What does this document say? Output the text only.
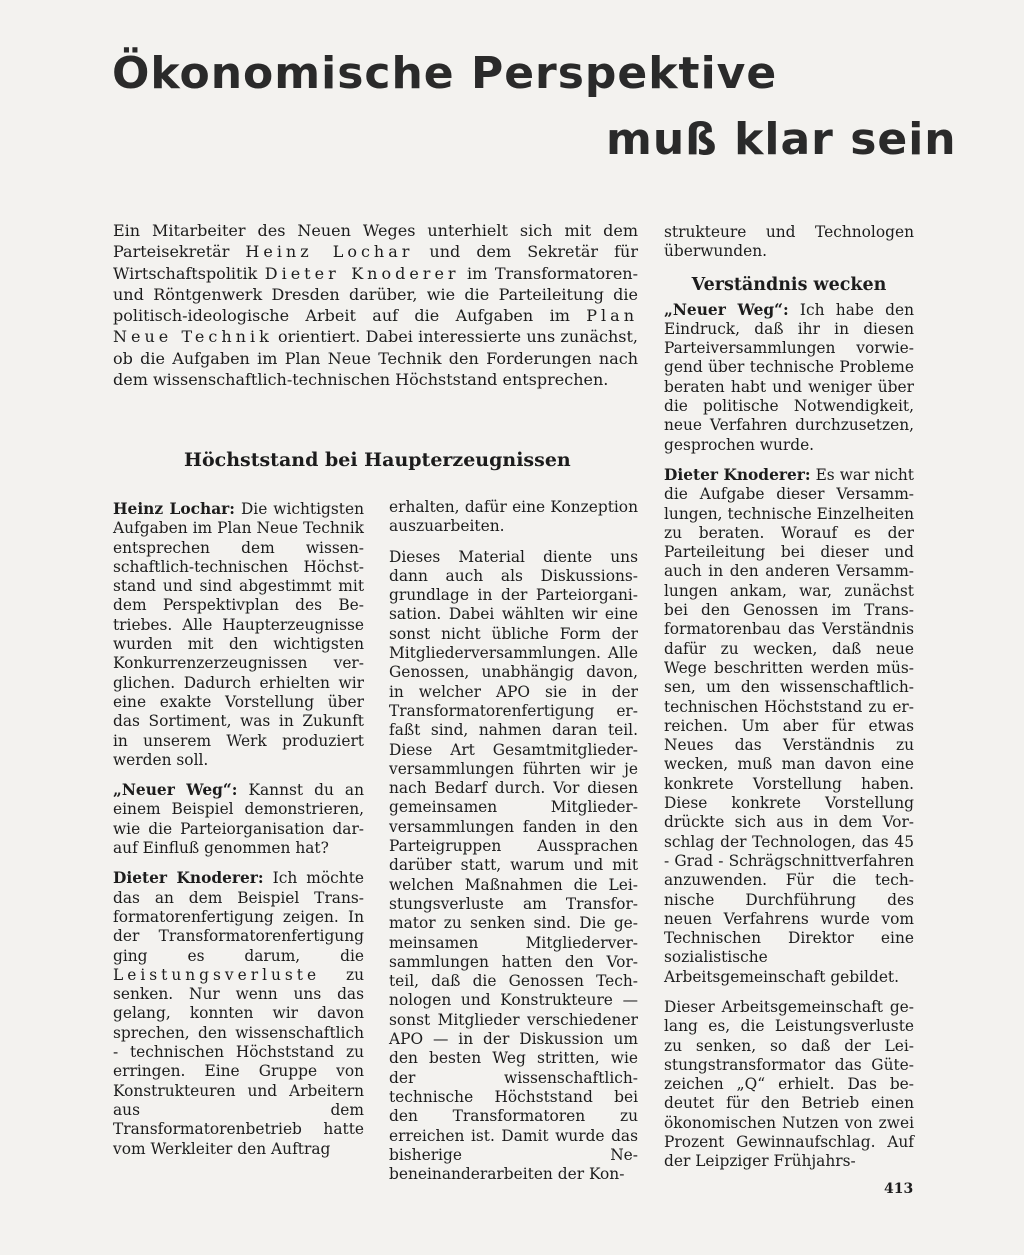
Ökonomische Perspektive
muß klar sein
Ein Mitarbeiter des Neuen Weges unterhielt sich mit dem Parteisekretär Heinz Lochar und dem Sekretär für Wirtschaftspolitik Dieter Knoderer im Transformatoren- und Röntgenwerk Dresden darüber, wie die Parteileitung die politisch-ideologische Arbeit auf die Aufgaben im Plan Neue Technik orientiert. Dabei interessierte uns zunächst, ob die Aufgaben im Plan Neue Technik den Forderungen nach dem wissenschaftlich-technischen Höchststand entsprechen.
Höchststand bei Haupterzeugnissen

Heinz Lochar: Die wichtigsten Aufgaben im Plan Neue Technik entsprechen dem wissenschaftlich-technischen Höchststand und sind abgestimmt mit dem Perspektivplan des Betriebes. Alle Haupterzeugnisse wurden mit den wichtigsten Konkurrenzerzeugnissen verglichen. Dadurch erhielten wir eine exakte Vorstellung über das Sortiment, was in Zukunft in unserem Werk produziert werden soll.

„Neuer Weg“: Kannst du an einem Beispiel demonstrieren, wie die Parteiorganisation darauf Einfluß genommen hat?

Dieter Knoderer: Ich möchte das an dem Beispiel Transformatorenfertigung zeigen. In der Transformatorenfertigung ging es darum, die Leistungsverluste zu senken. Nur wenn uns das gelang, konnten wir davon sprechen, den wissenschaftlich - technischen Höchststand zu erringen. Eine Gruppe von Konstrukteuren und Arbeitern aus dem Transformatorenbetrieb hatte vom Werkleiter den Auftrag

erhalten, dafür eine Konzeption auszuarbeiten.

Dieses Material diente uns dann auch als Diskussionsgrundlage in der Parteiorganisation. Dabei wählten wir eine sonst nicht übliche Form der Mitgliederversammlungen. Alle Genossen, unabhängig davon, in welcher APO sie in der Transformatorenfertigung erfaßt sind, nahmen daran teil. Diese Art Gesamtmitgliederversammlungen führten wir je nach Bedarf durch. Vor diesen gemeinsamen Mitgliederversammlungen fanden in den Parteigruppen Aussprachen darüber statt, warum und mit welchen Maßnahmen die Leistungsverluste am Transformator zu senken sind. Die gemeinsamen Mitgliederversammlungen hatten den Vorteil, daß die Genossen Technologen und Konstrukteure — sonst Mitglieder verschiedener APO — in der Diskussion um den besten Weg stritten, wie der wissenschaftlich-technische Höchststand bei den Transformatoren zu erreichen ist. Damit wurde das bisherige Nebeneinanderarbeiten der Kon-

strukteure und Technologen überwunden.

Verständnis wecken

„Neuer Weg“: Ich habe den Eindruck, daß ihr in diesen Parteiversammlungen vorwiegend über technische Probleme beraten habt und weniger über die politische Notwendigkeit, neue Verfahren durchzusetzen, gesprochen wurde.

Dieter Knoderer: Es war nicht die Aufgabe dieser Versammlungen, technische Einzelheiten zu beraten. Worauf es der Parteileitung bei dieser und auch in den anderen Versammlungen ankam, war, zunächst bei den Genossen im Transformatorenbau das Verständnis dafür zu wecken, daß neue Wege beschritten werden müssen, um den wissenschaftlichtechnischen Höchststand zu erreichen. Um aber für etwas Neues das Verständnis zu wecken, muß man davon eine konkrete Vorstellung haben. Diese konkrete Vorstellung drückte sich aus in dem Vorschlag der Technologen, das 45 - Grad - Schrägschnittverfahren anzuwenden. Für die technische Durchführung des neuen Verfahrens wurde vom Technischen Direktor eine sozialistische Arbeitsgemeinschaft gebildet.

Dieser Arbeitsgemeinschaft gelang es, die Leistungsverluste zu senken, so daß der Leistungstransformator das Gütezeichen „Q“ erhielt. Das bedeutet für den Betrieb einen ökonomischen Nutzen von zwei Prozent Gewinnaufschlag. Auf der Leipziger Frühjahrs-

413
